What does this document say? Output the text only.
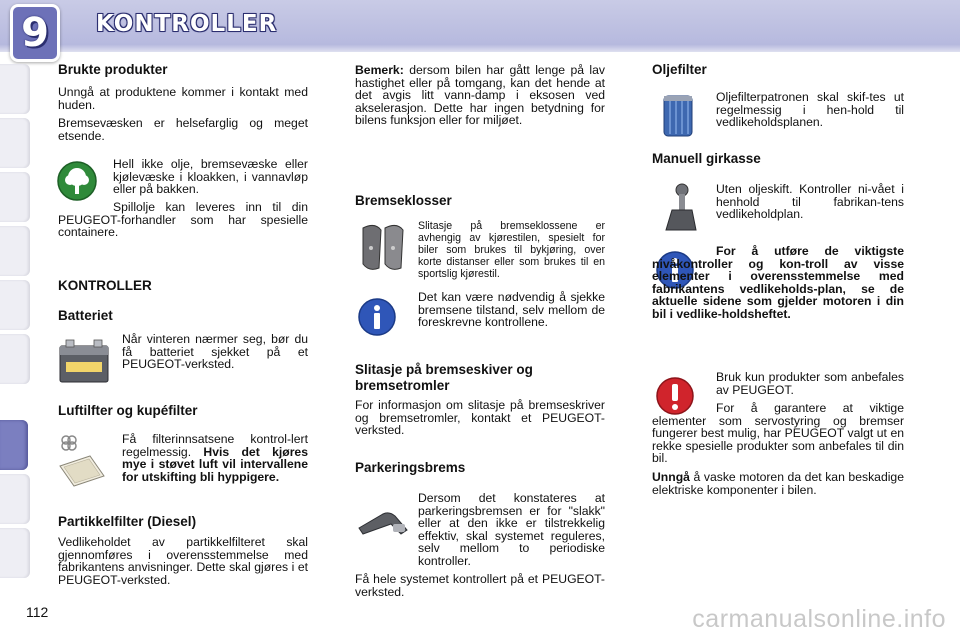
9	KONTROLLER
Brukte produkter
Unngå at produktene kommer i kontakt med huden.
Bremsevæsken er helsefarglig og meget etsende.
Hell ikke olje, bremsevæske eller kjølevæske i kloakken, i vannavløp eller på bakken.
Spillolje kan leveres inn til din PEUGEOT-forhandler som har spesielle containere.
KONTROLLER
Batteriet
Når vinteren nærmer seg, bør du få batteriet sjekket på et PEUGEOT-verksted.
Luftilfter og kupéfilter
Få filterinnsatsene kontrol-lert regelmessig. Hvis det kjøres mye i støvet luft vil intervallene for utskifting bli hyppigere.
Partikkelfilter (Diesel)
Vedlikeholdet av partikkelfilteret skal gjennomføres i overensstemmelse med fabrikantens anvisninger. Dette skal gjøres i et PEUGEOT-verksted.
Bemerk: dersom bilen har gått lenge på lav hastighet eller på tomgang, kan det hende at det avgis litt vann-damp i eksosen ved akselerasjon. Dette har ingen betydning for bilens funksjon eller for miljøet.
Bremseklosser
Slitasje på bremseklossene er avhengig av kjørestilen, spesielt for biler som brukes til bykjøring, over korte distanser eller som brukes til en sportslig kjørestil.
Det kan være nødvendig å sjekke bremsene tilstand, selv mellom de foreskrevne kontrollene.
Slitasje på bremseskiver og bremsetromler
For informasjon om slitasje på bremseskriver og bremsetromler, kontakt et PEUGEOT-verksted.
Parkeringsbrems
Dersom det konstateres at parkeringsbremsen er for "slakk" eller at den ikke er tilstrekkelig effektiv, skal systemet reguleres, selv mellom to periodiske kontroller.
Få hele systemet kontrollert på et PEUGEOT-verksted.
Oljefilter
Oljefilterpatronen skal skif-tes ut regelmessig i hen-hold til vedlikeholdsplanen.
Manuell girkasse
Uten oljeskift. Kontroller ni-vået i henhold til fabrikan-tens vedlikeholdplan.
For å utføre de viktigste nivåkontroller og kon-troll av visse elementer i overensstemmelse med fabrikantens vedlikeholds-plan, se de aktuelle sidene som gjelder motoren i din bil i vedlike-holdsheftet.
Bruk kun produkter som anbefales av PEUGEOT.
For å garantere at viktige elementer som servostyring og bremser fungerer best mulig, har PEUGEOT valgt ut en rekke spesielle produkter som anbefales til din bil.
Unngå å vaske motoren da det kan beskadige elektriske komponenter i bilen.
112	carmanualsonline.info
